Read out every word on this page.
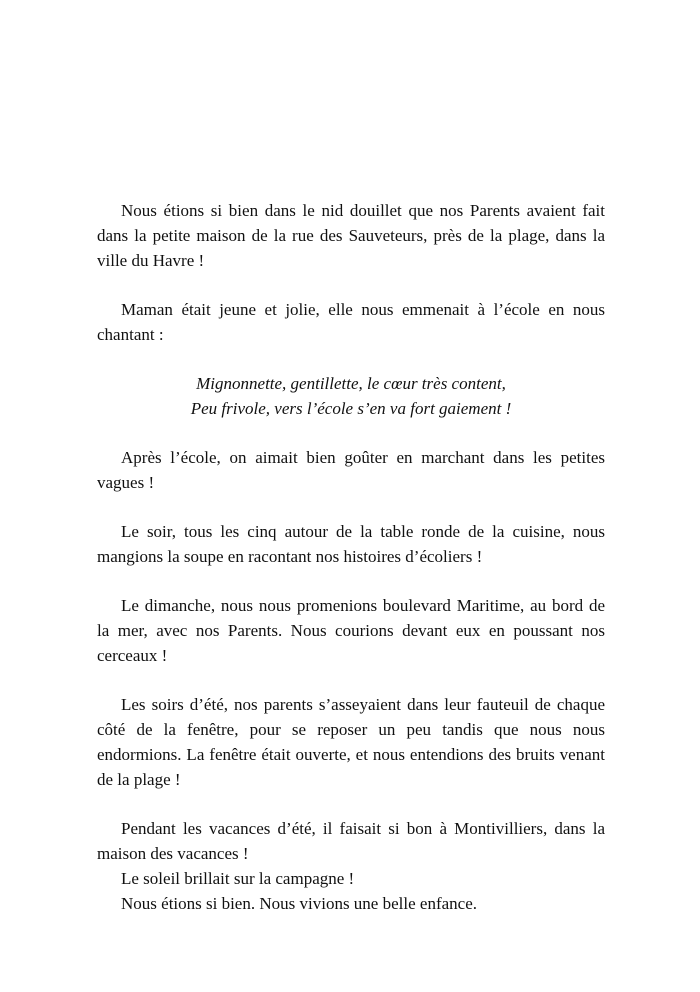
Nous étions si bien dans le nid douillet que nos Parents avaient fait dans la petite maison de la rue des Sauveteurs, près de la plage, dans la ville du Havre !

Maman était jeune et jolie, elle nous emmenait à l’école en nous chantant :

Mignonnette, gentillette, le cœur très content,
Peu frivole, vers l’école s’en va fort gaiement !

Après l’école, on aimait bien goûter en marchant dans les petites vagues !

Le soir, tous les cinq autour de la table ronde de la cuisine, nous mangions la soupe en racontant nos histoires d’écoliers !

Le dimanche, nous nous promenions boulevard Maritime, au bord de la mer, avec nos Parents. Nous courions devant eux en poussant nos cerceaux !

Les soirs d’été, nos parents s’asseyaient dans leur fauteuil de chaque côté de la fenêtre, pour se reposer un peu tandis que nous nous endormions. La fenêtre était ouverte, et nous entendions des bruits venant de la plage !

Pendant les vacances d’été, il faisait si bon à Montivilliers, dans la maison des vacances !

Le soleil brillait sur la campagne !

Nous étions si bien. Nous vivions une belle enfance.
